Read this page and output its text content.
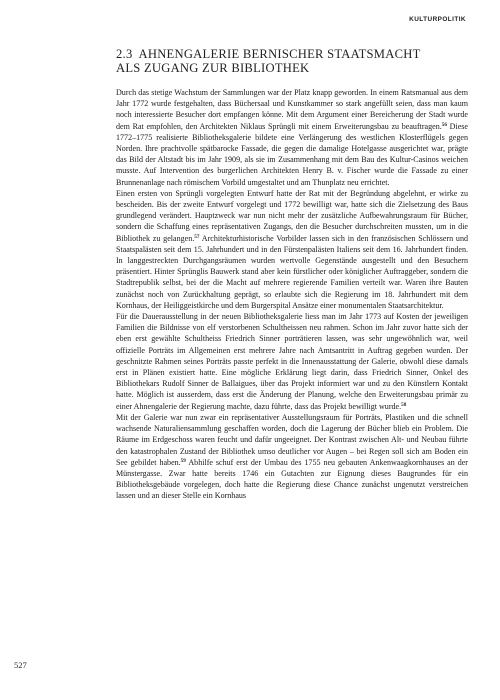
KULTURPOLITIK
2.3 AHNENGALERIE BERNISCHER STAATSMACHT
ALS ZUGANG ZUR BIBLIOTHEK

Durch das stetige Wachstum der Sammlungen war der Platz knapp geworden. In einem Ratsmanual aus dem Jahr 1772 wurde festgehalten, dass Büchersaal und Kunstkammer so stark angefüllt seien, dass man kaum noch interessierte Besucher dort empfangen könne. Mit dem Argument einer Bereicherung der Stadt wurde dem Rat empfohlen, den Architekten Niklaus Sprüngli mit einem Erweiterungsbau zu beauftragen.$^{56}$ Diese 1772–1775 realisierte Bibliotheksgalerie bildete eine Verlängerung des westlichen Klosterflügels gegen Norden. Ihre prachtvolle spätbarocke Fassade, die gegen die damalige Hotelgasse ausgerichtet war, prägte das Bild der Altstadt bis im Jahr 1909, als sie im Zusammenhang mit dem Bau des Kultur-Casinos weichen musste. Auf Intervention des burgerlichen Architekten Henry B. v. Fischer wurde die Fassade zu einer Brunnenanlage nach römischem Vorbild umgestaltet und am Thunplatz neu errichtet.

Einen ersten von Sprüngli vorgelegten Entwurf hatte der Rat mit der Begründung abgelehnt, er wirke zu bescheiden. Bis der zweite Entwurf vorgelegt und 1772 bewilligt war, hatte sich die Zielsetzung des Baus grundlegend verändert. Hauptzweck war nun nicht mehr der zusätzliche Aufbewahrungsraum für Bücher, sondern die Schaffung eines repräsentativen Zugangs, den die Besucher durchschreiten mussten, um in die Bibliothek zu gelangen.$^{57}$ Architekturhistorische Vorbilder lassen sich in den französischen Schlössern und Staatspalästen seit dem 15. Jahrhundert und in den Fürstenpalästen Italiens seit dem 16. Jahrhundert finden. In langgestreckten Durchgangsräumen wurden wertvolle Gegenstände ausgestellt und den Besuchern präsentiert. Hinter Sprünglis Bauwerk stand aber kein fürstlicher oder königlicher Auftraggeber, sondern die Stadtrepublik selbst, bei der die Macht auf mehrere regierende Familien verteilt war. Waren ihre Bauten zunächst noch von Zurückhaltung geprägt, so erlaubte sich die Regierung im 18. Jahrhundert mit dem Kornhaus, der Heiliggeistkirche und dem Burgerspital Ansätze einer monumentalen Staatsarchitektur.

Für die Dauerausstellung in der neuen Bibliotheksgalerie liess man im Jahr 1773 auf Kosten der jeweiligen Familien die Bildnisse von elf verstorbenen Schultheissen neu rahmen. Schon im Jahr zuvor hatte sich der eben erst gewählte Schultheiss Friedrich Sinner porträtieren lassen, was sehr ungewöhnlich war, weil offizielle Porträts im Allgemeinen erst mehrere Jahre nach Amtsantritt in Auftrag gegeben wurden. Der geschnitzte Rahmen seines Porträts passte perfekt in die Innenausstattung der Galerie, obwohl diese damals erst in Plänen existiert hatte. Eine mögliche Erklärung liegt darin, dass Friedrich Sinner, Onkel des Bibliothekars Rudolf Sinner de Ballaigues, über das Projekt informiert war und zu den Künstlern Kontakt hatte. Möglich ist ausserdem, dass erst die Änderung der Planung, welche den Erweiterungsbau primär zu einer Ahnengalerie der Regierung machte, dazu führte, dass das Projekt bewilligt wurde.$^{58}$

Mit der Galerie war nun zwar ein repräsentativer Ausstellungsraum für Porträts, Plastiken und die schnell wachsende Naturaliensammlung geschaffen worden, doch die Lagerung der Bücher blieb ein Problem. Die Räume im Erdgeschoss waren feucht und dafür ungeeignet. Der Kontrast zwischen Alt- und Neubau führte den katastrophalen Zustand der Bibliothek umso deutlicher vor Augen – bei Regen soll sich am Boden ein See gebildet haben.$^{59}$ Abhilfe schuf erst der Umbau des 1755 neu gebauten Ankenwaagkornhauses an der Münstergasse. Zwar hatte bereits 1746 ein Gutachten zur Eignung dieses Baugrundes für ein Bibliotheksgebäude vorgelegen, doch hatte die Regierung diese Chance zunächst ungenutzt verstreichen lassen und an dieser Stelle ein Kornhaus

527
